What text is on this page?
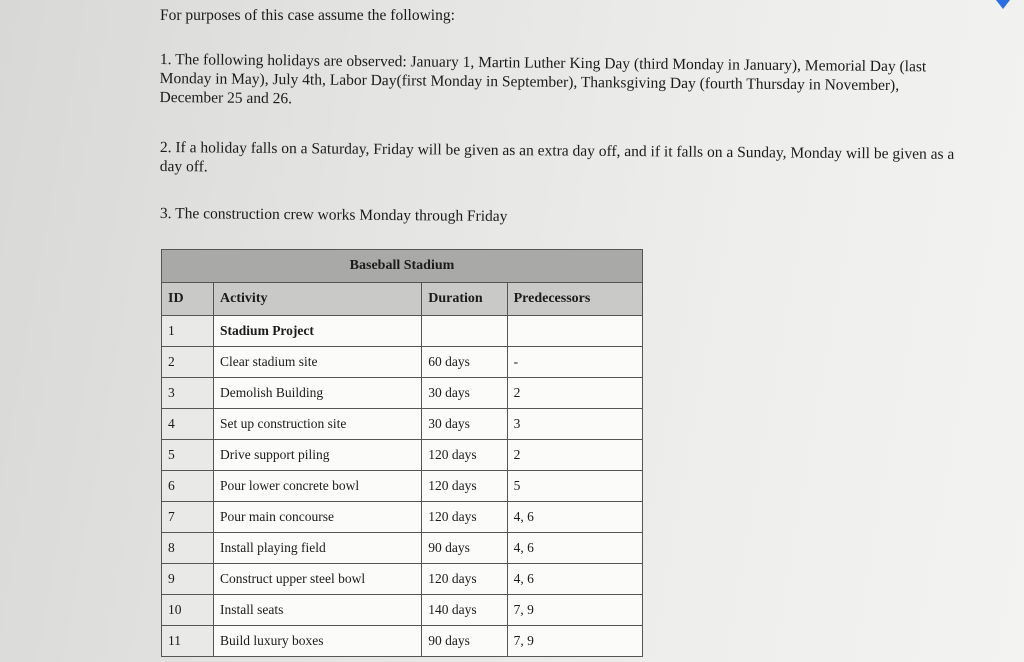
For purposes of this case assume the following:
1. The following holidays are observed: January 1, Martin Luther King Day (third Monday in January), Memorial Day (last
Monday in May), July 4th, Labor Day(first Monday in September), Thanksgiving Day (fourth Thursday in November),
December 25 and 26.
2. If a holiday falls on a Saturday, Friday will be given as an extra day off, and if it falls on a Sunday, Monday will be given as a
day off.
3. The construction crew works Monday through Friday
Baseball Stadium			
ID	Activity	Duration	Predecessors
1	Stadium Project		
2	Clear stadium site	60 days	-
3	Demolish Building	30 days	2
4	Set up construction site	30 days	3
5	Drive support piling	120 days	2
6	Pour lower concrete bowl	120 days	5
7	Pour main concourse	120 days	4, 6
8	Install playing field	90 days	4, 6
9	Construct upper steel bowl	120 days	4, 6
10	Install seats	140 days	7, 9
11	Build luxury boxes	90 days	7, 9
